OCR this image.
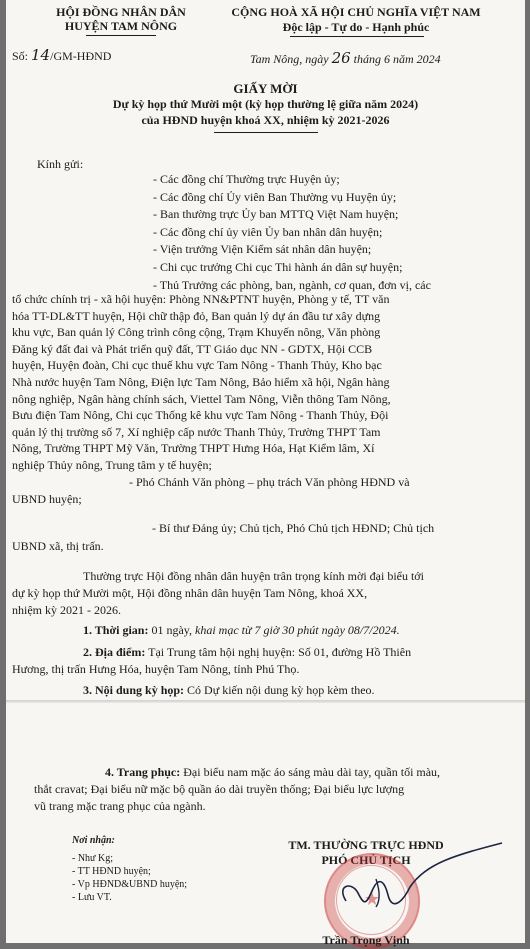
HỘI ĐỒNG NHÂN DÂN
HUYỆN TAM NÔNG
CỘNG HOÀ XÃ HỘI CHỦ NGHĨA VIỆT NAM
Độc lập - Tự do - Hạnh phúc
Số: 14/GM-HĐND	Tam Nông, ngày 26 tháng 6 năm 2024
GIẤY MỜI
Dự kỳ họp thứ Mười một (kỳ họp thường lệ giữa năm 2024)
của HĐND huyện khoá XX, nhiệm kỳ 2021-2026
Kính gửi:
- Các đồng chí Thường trực Huyện ủy;
- Các đồng chí Ủy viên Ban Thường vụ Huyện ủy;
- Ban thường trực Ủy ban MTTQ Việt Nam huyện;
- Các đồng chí ủy viên Ủy ban nhân dân huyện;
- Viện trưởng Viện Kiểm sát nhân dân huyện;
- Chi cục trưởng Chi cục Thi hành án dân sự huyện;
- Thủ Trưởng các phòng, ban, ngành, cơ quan, đơn vị, các
tổ chức chính trị - xã hội huyện: Phòng NN&PTNT huyện, Phòng y tế, TT văn
hóa TT-DL&TT huyện, Hội chữ thập đỏ, Ban quản lý dự án đầu tư xây dựng
khu vực, Ban quản lý Công trình công cộng, Trạm Khuyến nông, Văn phòng
Đăng ký đất đai và Phát triển quỹ đất, TT Giáo dục NN - GDTX, Hội CCB
huyện, Huyện đoàn, Chi cục thuế khu vực Tam Nông - Thanh Thủy, Kho bạc
Nhà nước huyện Tam Nông, Điện lực Tam Nông, Bảo hiểm xã hội, Ngân hàng
nông nghiệp, Ngân hàng chính sách, Viettel Tam Nông, Viễn thông Tam Nông,
Bưu điện Tam Nông, Chi cục Thống kê khu vực Tam Nông - Thanh Thủy, Đội
quản lý thị trường số 7, Xí nghiệp cấp nước Thanh Thủy, Trường THPT Tam
Nông, Trường THPT Mỹ Văn, Trường THPT Hưng Hóa, Hạt Kiểm lâm, Xí
nghiệp Thủy nông, Trung tâm y tế huyện;
- Phó Chánh Văn phòng – phụ trách Văn phòng HĐND và
UBND huyện;
- Bí thư Đảng ủy; Chủ tịch, Phó Chủ tịch HĐND; Chủ tịch
UBND xã, thị trấn.
Thường trực Hội đồng nhân dân huyện trân trọng kính mời đại biểu tới
dự kỳ họp thứ Mười một, Hội đồng nhân dân huyện Tam Nông, khoá XX,
nhiệm kỳ 2021 - 2026.
1. Thời gian: 01 ngày, khai mạc từ 7 giờ 30 phút ngày 08/7/2024.
2. Địa điểm: Tại Trung tâm hội nghị huyện: Số 01, đường Hồ Thiên
Hương, thị trấn Hưng Hóa, huyện Tam Nông, tỉnh Phú Thọ.
3. Nội dung kỳ họp: Có Dự kiến nội dung kỳ họp kèm theo.
4. Trang phục: Đại biểu nam mặc áo sáng màu dài tay, quần tối màu,
thắt cravat; Đại biểu nữ mặc bộ quần áo dài truyền thống; Đại biểu lực lượng
vũ trang mặc trang phục của ngành.
Nơi nhận:
- Như Kg;
- TT HĐND huyện;
- Vp HĐND&UBND huyện;
- Lưu VT.
TM. THƯỜNG TRỰC HĐND
PHÓ CHỦ TỊCH
★
Trần Trọng Vịnh
